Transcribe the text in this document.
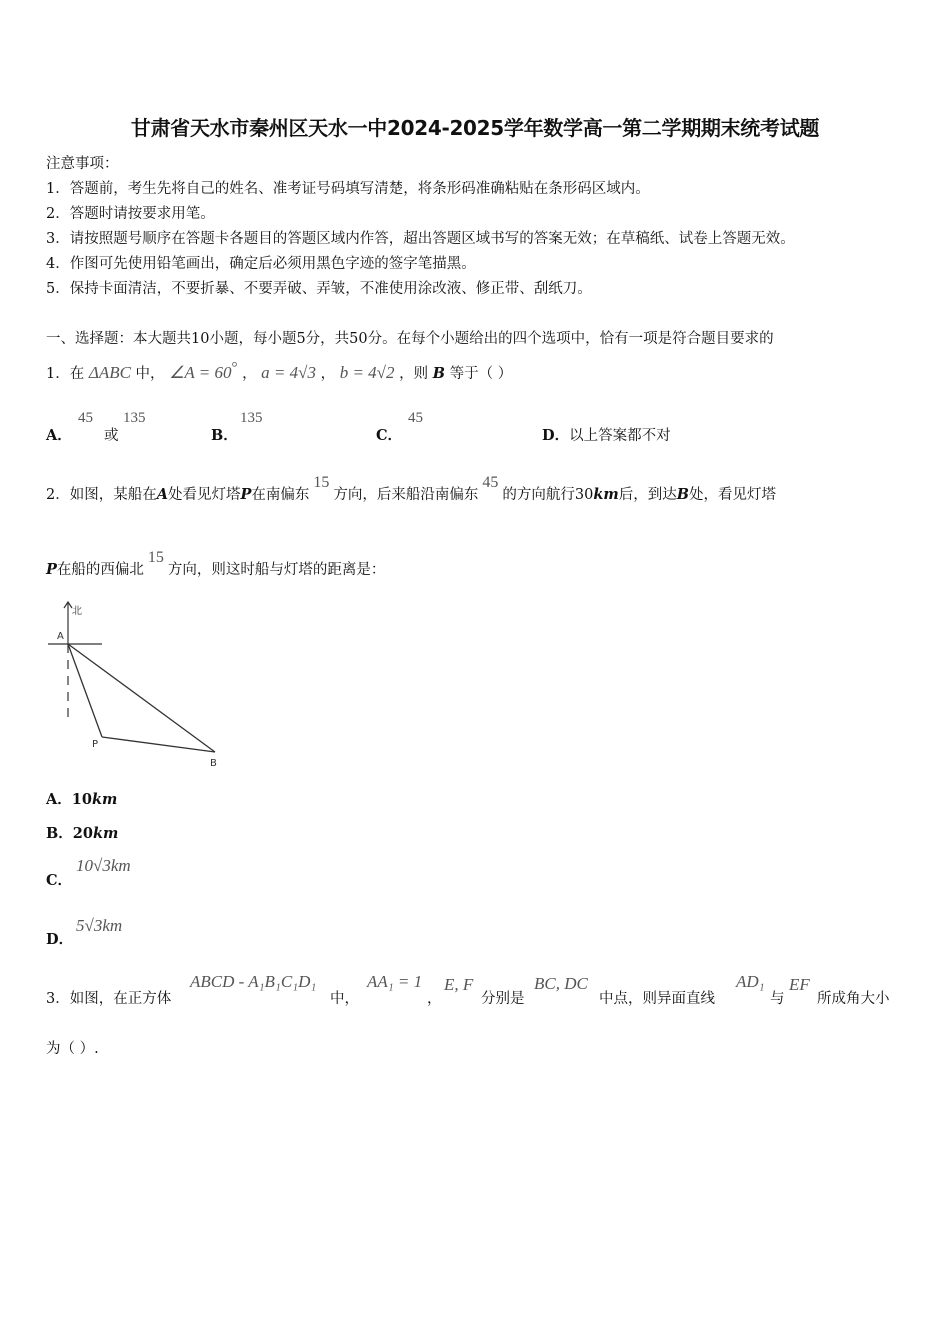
甘肃省天水市秦州区天水一中2024-2025学年数学高一第二学期期末统考试题
注意事项：
1．答题前，考生先将自己的姓名、准考证号码填写清楚，将条形码准确粘贴在条形码区域内。
2．答题时请按要求用笔。
3．请按照题号顺序在答题卡各题目的答题区域内作答，超出答题区域书写的答案无效；在草稿纸、试卷上答题无效。
4．作图可先使用铅笔画出，确定后必须用黑色字迹的签字笔描黑。
5．保持卡面清洁，不要折暴、不要弄破、弄皱，不准使用涂改液、修正带、刮纸刀。
一、选择题：本大题共10小题，每小题5分，共50分。在每个小题给出的四个选项中，恰有一项是符合题目要求的
1．在 ΔABC 中， ∠A = 60° ， a = 4√3 ， b = 4√2 ，则 B 等于（ ）
A．
45
或
135
B．
135
C．
45
D．以上答案都不对
2．如图，某船在A处看见灯塔P在南偏东15方向，后来船沿南偏东45的方向航行30km后，到达B处，看见灯塔
P在船的西偏北15方向，则这时船与灯塔的距离是：
北
A
P
B
A．10km
B．20km
C．
10√3km
D．
5√3km
3．如图，在正方体
ABCD - A₁B₁C₁D₁
中，
AA₁ = 1
，
E, F
分别是
BC, DC
中点，则异面直线
AD₁
与
EF
所成角大小
为（ ）.
